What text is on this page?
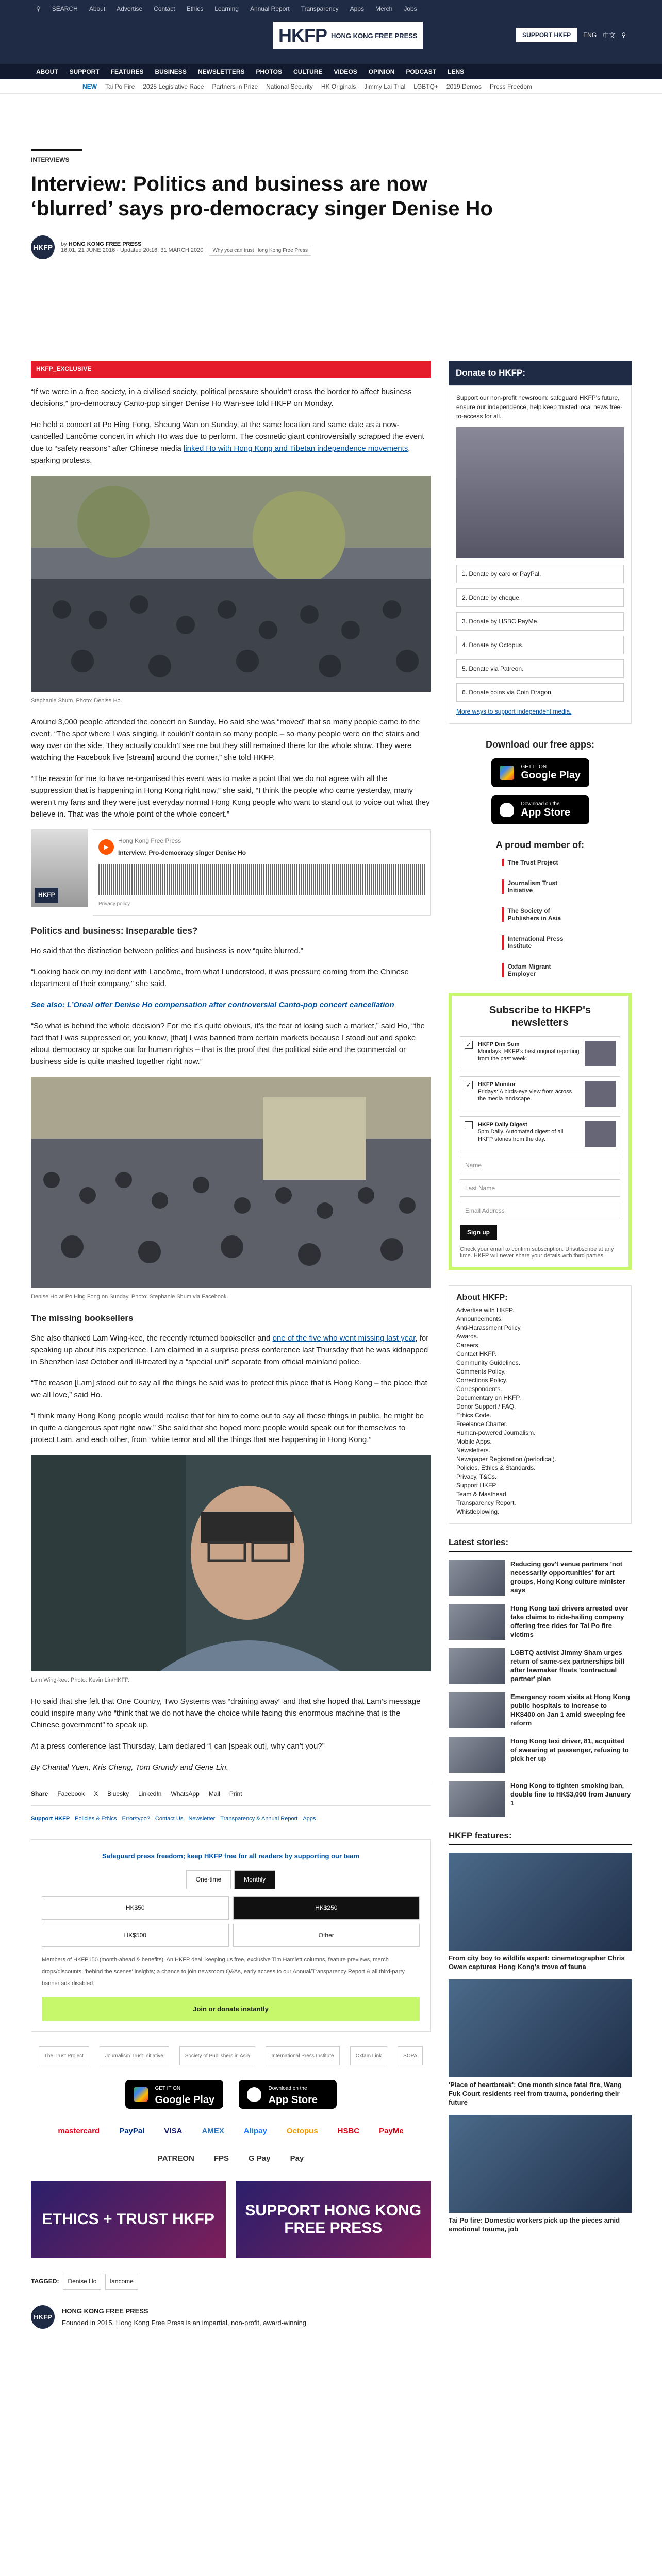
⚲ SEARCH About Advertise Contact Ethics Learning Annual Report Transparency Apps Merch Jobs
HKFP HONG KONG FREE PRESS	SUPPORT HKFP	ENG 中文 ⚲
ABOUT SUPPORT FEATURES BUSINESS NEWSLETTERS PHOTOS CULTURE VIDEOS OPINION PODCAST LENS
NEW Tai Po Fire 2025 Legislative Race Partners in Prize National Security HK Originals Jimmy Lai Trial LGBTQ+ 2019 Demos Press Freedom
INTERVIEWS
Interview: Politics and business are now ‘blurred’ says pro-democracy singer Denise Ho
HKFP	by HONG KONG FREE PRESS
16:01, 21 JUNE 2016 · Updated 20:16, 31 MARCH 2020 Why you can trust Hong Kong Free Press
HKFP_EXCLUSIVE

“If we were in a free society, in a civilised society, political pressure shouldn’t cross the border to affect business decisions,” pro-democracy Canto-pop singer Denise Ho Wan-see told HKFP on Monday.

He held a concert at Po Hing Fong, Sheung Wan on Sunday, at the same location and same date as a now-cancelled Lancôme concert in which Ho was due to perform. The cosmetic giant controversially scrapped the event due to “safety reasons” after Chinese media linked Ho with Hong Kong and Tibetan independence movements, sparking protests.

Stephanie Shum. Photo: Denise Ho.

Around 3,000 people attended the concert on Sunday. Ho said she was “moved” that so many people came to the event. “The spot where I was singing, it couldn’t contain so many people – so many people were on the stairs and way over on the side. They actually couldn’t see me but they still remained there for the whole show. They were watching the Facebook live [stream] around the corner,” she told HKFP.

“The reason for me to have re-organised this event was to make a point that we do not agree with all the suppression that is happening in Hong Kong right now,” she said, “I think the people who came yesterday, many weren’t my fans and they were just everyday normal Hong Kong people who want to stand out to voice out what they believe in. That was the whole point of the whole concert.”

HKFP
▶
Hong Kong Free Press
Interview: Pro-democracy singer Denise Ho
Privacy policy
Politics and business: Inseparable ties?

Ho said that the distinction between politics and business is now “quite blurred.”

“Looking back on my incident with Lancôme, from what I understood, it was pressure coming from the Chinese department of their company,” she said.

See also: L’Oreal offer Denise Ho compensation after controversial Canto-pop concert cancellation

“So what is behind the whole decision? For me it’s quite obvious, it’s the fear of losing such a market,” said Ho, “the fact that I was suppressed or, you know, [that] I was banned from certain markets because I stood out and spoke about democracy or spoke out for human rights – that is the proof that the political side and the commercial or business side is quite mashed together right now.”

Denise Ho at Po Hing Fong on Sunday. Photo: Stephanie Shum via Facebook.
The missing booksellers

She also thanked Lam Wing-kee, the recently returned bookseller and one of the five who went missing last year, for speaking up about his experience. Lam claimed in a surprise press conference last Thursday that he was kidnapped in Shenzhen last October and ill-treated by a “special unit” separate from official mainland police.

“The reason [Lam] stood out to say all the things he said was to protect this place that is Hong Kong – the place that we all love,” said Ho.

“I think many Hong Kong people would realise that for him to come out to say all these things in public, he might be in quite a dangerous spot right now.” She said that she hoped more people would speak out for themselves to protect Lam, and each other, from “white terror and all the things that are happening in Hong Kong.”

Lam Wing-kee. Photo: Kevin Lin/HKFP.

Ho said that she felt that One Country, Two Systems was “draining away” and that she hoped that Lam’s message could inspire many who “think that we do not have the choice while facing this enormous machine that is the Chinese government” to speak up.

At a press conference last Thursday, Lam declared “I can [speak out], why can’t you?”

By Chantal Yuen, Kris Cheng, Tom Grundy and Gene Lin.

Share Facebook X Bluesky LinkedIn WhatsApp Mail Print
Support HKFP Policies & Ethics Error/typo? Contact Us Newsletter Transparency & Annual Report Apps
Safeguard press freedom; keep HKFP free for all readers by supporting our team
One-time	Monthly
HK$50	HK$250
HK$500	Other
Members of HKFP150 (month-ahead & benefits). An HKFP deal: keeping us free, exclusive Tim Hamlett columns, feature previews, merch drops/discounts; 'behind the scenes' insights; a chance to join newsroom Q&As, early access to our Annual/Transparency Report & all third-party banner ads disabled.
Join or donate instantly
The Trust Project	Journalism Trust Initiative	Society of Publishers in Asia	International Press Institute	Oxfam Link	SOPA
GET IT ON
Google Play
Download on the
App Store
mastercard	PayPal	VISA	AMEX	Alipay	Octopus	HSBC	PayMe
PATREON	FPS	G Pay	Pay
ETHICS + TRUST HKFP
SUPPORT HONG KONG FREE PRESS
TAGGED:	Denise Ho	lancome
HKFP
HONG KONG FREE PRESS
Founded in 2015, Hong Kong Free Press is an impartial, non-profit, award-winning
Donate to HKFP:
Support our non-profit newsroom: safeguard HKFP's future, ensure our independence, help keep trusted local news free-to-access for all.
1. Donate by card or PayPal.
2. Donate by cheque.
3. Donate by HSBC PayMe.
4. Donate by Octopus.
5. Donate via Patreon.
6. Donate coins via Coin Dragon.
More ways to support independent media.
Download our free apps:
GET IT ON
Google Play
Download on the
App Store
A proud member of:
The Trust Project
Journalism Trust Initiative
The Society of Publishers in Asia
International Press Institute
Oxfam Migrant Employer
Subscribe to HKFP's newsletters
✓ HKFP Dim Sum
Mondays: HKFP's best original reporting from the past week.
✓ HKFP Monitor
Fridays: A birds-eye view from across the media landscape.
HKFP Daily Digest
5pm Daily. Automated digest of all HKFP stories from the day.
Name
Last Name
Email Address
Sign up
Check your email to confirm subscription. Unsubscribe at any time. HKFP will never share your details with third parties.
About HKFP:
Advertise with HKFP.
Announcements.
Anti-Harassment Policy.
Awards.
Careers.
Contact HKFP.
Community Guidelines.
Comments Policy.
Corrections Policy.
Correspondents.
Documentary on HKFP.
Donor Support / FAQ.
Ethics Code.
Freelance Charter.
Human-powered Journalism.
Mobile Apps.
Newsletters.
Newspaper Registration (periodical).
Policies, Ethics & Standards.
Privacy, T&Cs.
Support HKFP.
Team & Masthead.
Transparency Report.
Whistleblowing.
Latest stories:
Reducing gov't venue partners 'not necessarily opportunities' for art groups, Hong Kong culture minister says
Hong Kong taxi drivers arrested over fake claims to ride-hailing company offering free rides for Tai Po fire victims
LGBTQ activist Jimmy Sham urges return of same-sex partnerships bill after lawmaker floats 'contractual partner' plan
Emergency room visits at Hong Kong public hospitals to increase to HK$400 on Jan 1 amid sweeping fee reform
Hong Kong taxi driver, 81, acquitted of swearing at passenger, refusing to pick her up
Hong Kong to tighten smoking ban, double fine to HK$3,000 from January 1
HKFP features:
From city boy to wildlife expert: cinematographer Chris Owen captures Hong Kong's trove of fauna
'Place of heartbreak': One month since fatal fire, Wang Fuk Court residents reel from trauma, pondering their future
Tai Po fire: Domestic workers pick up the pieces amid emotional trauma, job
